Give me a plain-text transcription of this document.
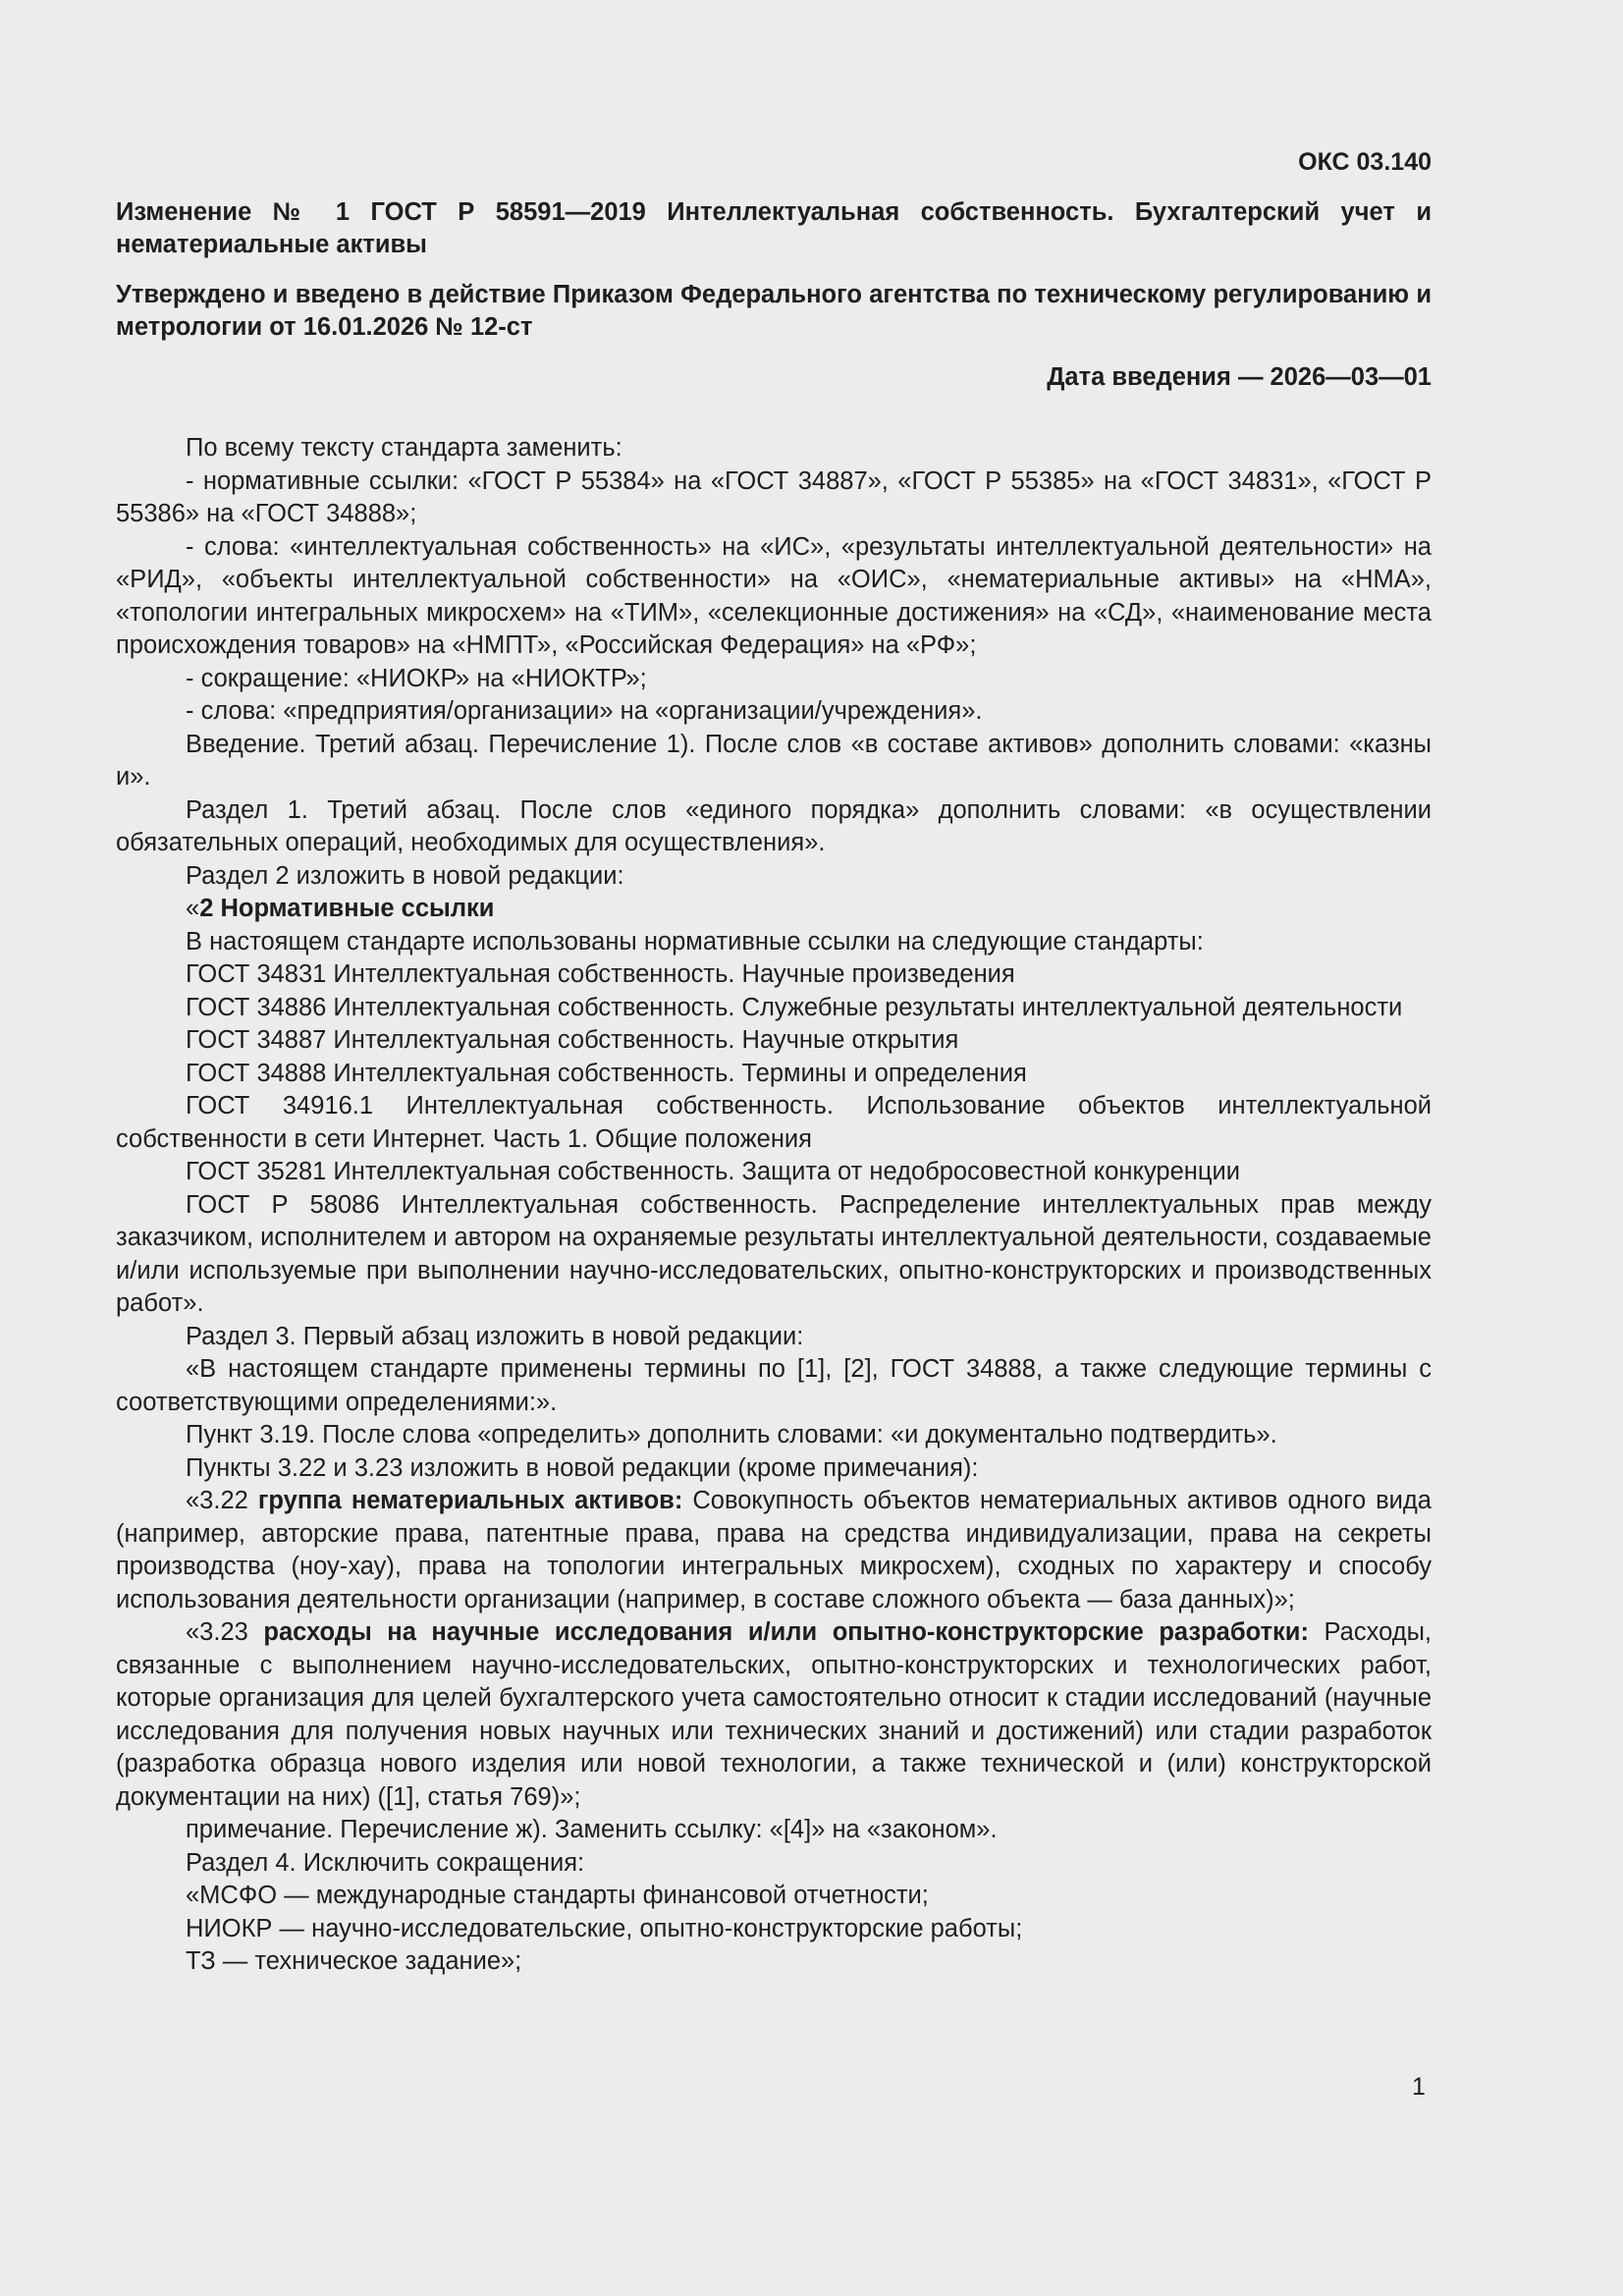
ОКС 03.140
Изменение № 1 ГОСТ Р 58591—2019 Интеллектуальная собственность. Бухгалтерский учет и нематериальные активы
Утверждено и введено в действие Приказом Федерального агентства по техническому регулированию и метрологии от 16.01.2026 № 12-ст
Дата введения — 2026—03—01

По всему тексту стандарта заменить:

- нормативные ссылки: «ГОСТ Р 55384» на «ГОСТ 34887», «ГОСТ Р 55385» на «ГОСТ 34831», «ГОСТ Р 55386» на «ГОСТ 34888»;

- слова: «интеллектуальная собственность» на «ИС», «результаты интеллектуальной деятельности» на «РИД», «объекты интеллектуальной собственности» на «ОИС», «нематериальные активы» на «НМА», «топологии интегральных микросхем» на «ТИМ», «селекционные достижения» на «СД», «наименование места происхождения товаров» на «НМПТ», «Российская Федерация» на «РФ»;

- сокращение: «НИОКР» на «НИОКТР»;

- слова: «предприятия/организации» на «организации/учреждения».

Введение. Третий абзац. Перечисление 1). После слов «в составе активов» дополнить словами: «казны и».

Раздел 1. Третий абзац. После слов «единого порядка» дополнить словами: «в осуществлении обязательных операций, необходимых для осуществления».

Раздел 2 изложить в новой редакции:

«2 Нормативные ссылки

В настоящем стандарте использованы нормативные ссылки на следующие стандарты:

ГОСТ 34831 Интеллектуальная собственность. Научные произведения

ГОСТ 34886 Интеллектуальная собственность. Служебные результаты интеллектуальной деятельности

ГОСТ 34887 Интеллектуальная собственность. Научные открытия

ГОСТ 34888 Интеллектуальная собственность. Термины и определения

ГОСТ 34916.1 Интеллектуальная собственность. Использование объектов интеллектуальной собственности в сети Интернет. Часть 1. Общие положения

ГОСТ 35281 Интеллектуальная собственность. Защита от недобросовестной конкуренции

ГОСТ Р 58086 Интеллектуальная собственность. Распределение интеллектуальных прав между заказчиком, исполнителем и автором на охраняемые результаты интеллектуальной деятельности, создаваемые и/или используемые при выполнении научно-исследовательских, опытно-конструкторских и производственных работ».

Раздел 3. Первый абзац изложить в новой редакции:

«В настоящем стандарте применены термины по [1], [2], ГОСТ 34888, а также следующие термины с соответствующими определениями:».

Пункт 3.19. После слова «определить» дополнить словами: «и документально подтвердить».

Пункты 3.22 и 3.23 изложить в новой редакции (кроме примечания):

«3.22 группа нематериальных активов: Совокупность объектов нематериальных активов одного вида (например, авторские права, патентные права, права на средства индивидуализации, права на секреты производства (ноу-хау), права на топологии интегральных микросхем), сходных по характеру и способу использования деятельности организации (например, в составе сложного объекта — база данных)»;

«3.23 расходы на научные исследования и/или опытно-конструкторские разработки: Расходы, связанные с выполнением научно-исследовательских, опытно-конструкторских и технологических работ, которые организация для целей бухгалтерского учета самостоятельно относит к стадии исследований (научные исследования для получения новых научных или технических знаний и достижений) или стадии разработок (разработка образца нового изделия или новой технологии, а также технической и (или) конструкторской документации на них) ([1], статья 769)»;

примечание. Перечисление ж). Заменить ссылку: «[4]» на «законом».

Раздел 4. Исключить сокращения:

«МСФО — международные стандарты финансовой отчетности;

НИОКР — научно-исследовательские, опытно-конструкторские работы;

ТЗ — техническое задание»;

1
